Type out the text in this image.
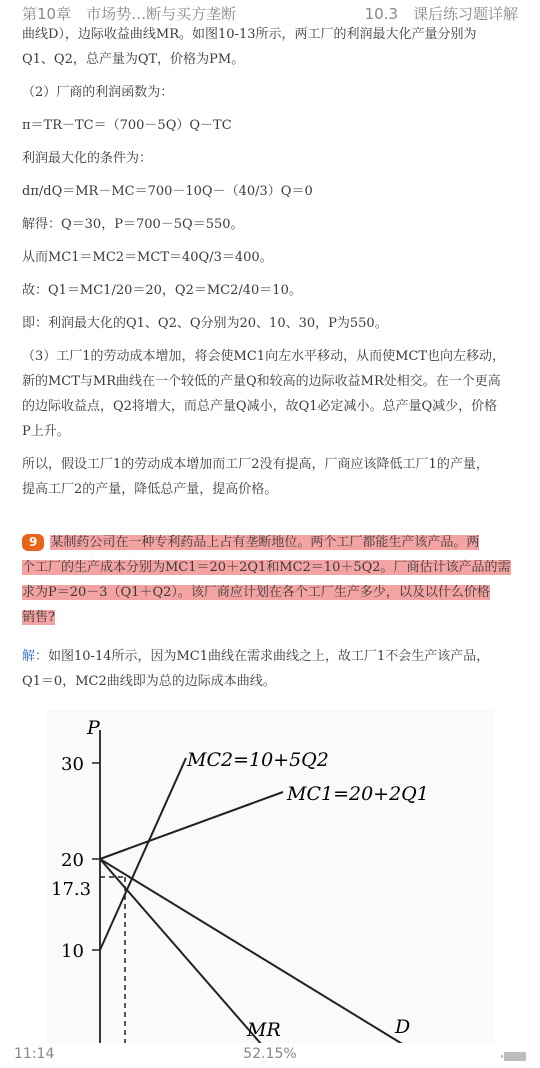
第10章　市场势…断与买方垄断	10.3　课后练习题详解

曲线D），边际收益曲线MR。如图10-13所示，两工厂的利润最大化产量分别为

Q1、Q2，总产量为QT，价格为PM。

（2）厂商的利润函数为：

π＝TR－TC＝（700－5Q）Q－TC

利润最大化的条件为：

dπ/dQ＝MR－MC＝700－10Q－（40/3）Q＝0

解得：Q＝30，P＝700－5Q＝550。

从而MC1＝MC2＝MCT＝40Q/3＝400。

故：Q1＝MC1/20＝20，Q2＝MC2/40＝10。

即：利润最大化的Q1、Q2、Q分别为20、10、30，P为550。

（3）工厂1的劳动成本增加，将会使MC1向左水平移动，从而使MCT也向左移动，

新的MCT与MR曲线在一个较低的产量Q和较高的边际收益MR处相交。在一个更高

的边际收益点，Q2将增大，而总产量Q减小，故Q1必定减小。总产量Q减少，价格

P上升。

所以，假设工厂1的劳动成本增加而工厂2没有提高，厂商应该降低工厂1的产量，

提高工厂2的产量，降低总产量，提高价格。

9 某制药公司在一种专利药品上占有垄断地位。两个工厂都能生产该产品。两

个工厂的生产成本分别为MC1＝20＋2Q1和MC2＝10＋5Q2。厂商估计该产品的需

求为P＝20－3（Q1＋Q2）。该厂商应计划在各个工厂生产多少，以及以什么价格

销售?

解：如图10-14所示，因为MC1曲线在需求曲线之上，故工厂1不会生产该产品，

Q1＝0，MC2曲线即为总的边际成本曲线。

P
30
20
17.3
10
MC2=10+5Q2
MC1=20+2Q1
MR	D
11:14	52.15%
